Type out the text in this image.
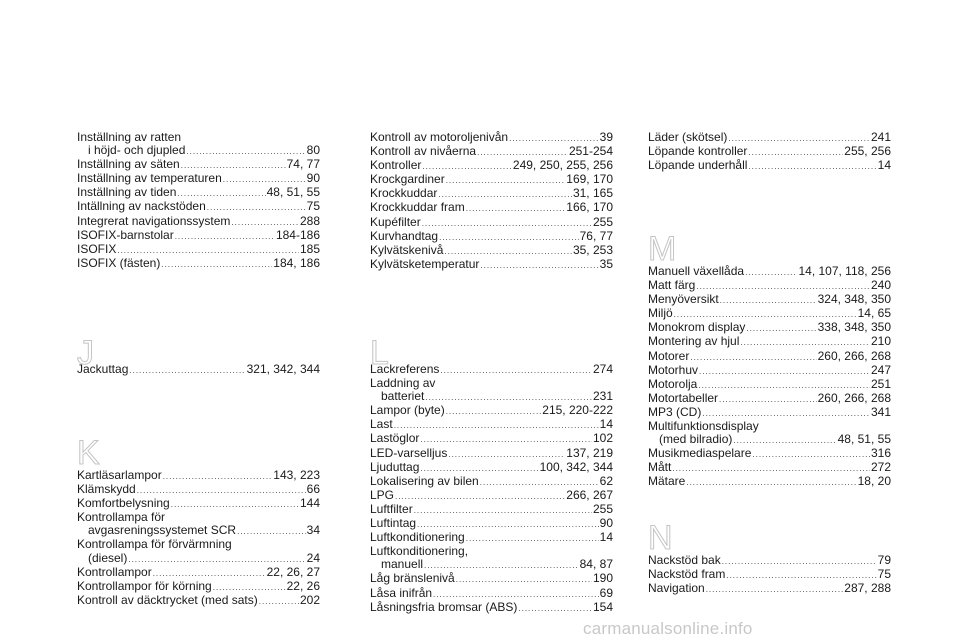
Inställning av ratten
i höjd- och djupled .....	80
Inställning av säten .....	74, 77
Inställning av temperaturen .....	90
Inställning av tiden .....	48, 51, 55
Intällning av nackstöden .....	75
Integrerat navigationssystem .....	288
ISOFIX-barnstolar .....	184-186
ISOFIX .....	185
ISOFIX (fästen) .....	184, 186
J
Jackuttag .....	321, 342, 344
K
Kartläsarlampor .....	143, 223
Klämskydd .....	66
Komfortbelysning .....	144
Kontrollampa för
avgasreningssystemet SCR .....	34
Kontrollampa för förvärmning
(diesel) .....	24
Kontrollampor .....	22, 26, 27
Kontrollampor för körning .....	22, 26
Kontroll av däcktrycket (med sats) .....	202
Kontroll av motoroljenivån .....	39
Kontroll av nivåerna .....	251-254
Kontroller .....	249, 250, 255, 256
Krockgardiner .....	169, 170
Krockkuddar .....	31, 165
Krockkuddar fram .....	166, 170
Kupéfilter .....	255
Kurvhandtag .....	76, 77
Kylvätskenivå .....	35, 253
Kylvätsketemperatur .....	35
L
Lackreferens .....	274
Laddning av
batteriet .....	231
Lampor (byte) .....	215, 220-222
Last .....	14
Lastöglor .....	102
LED-varselljus .....	137, 219
Ljuduttag .....	100, 342, 344
Lokalisering av bilen .....	62
LPG .....	266, 267
Luftfilter .....	255
Luftintag .....	90
Luftkonditionering .....	14
Luftkonditionering,
manuell .....	84, 87
Låg bränslenivå .....	190
Låsa inifrån .....	69
Låsningsfria bromsar (ABS) .....	154
Läder (skötsel) .....	241
Löpande kontroller .....	255, 256
Löpande underhåll .....	14
M
Manuell växellåda .....	14, 107, 118, 256
Matt färg .....	240
Menyöversikt .....	324, 348, 350
Miljö .....	14, 65
Monokrom display .....	338, 348, 350
Montering av hjul .....	210
Motorer .....	260, 266, 268
Motorhuv .....	247
Motorolja .....	251
Motortabeller .....	260, 266, 268
MP3 (CD) .....	341
Multifunktionsdisplay
(med bilradio) .....	48, 51, 55
Musikmediaspelare .....	316
Mått .....	272
Mätare .....	18, 20
N
Nackstöd bak .....	79
Nackstöd fram .....	75
Navigation .....	287, 288
carmanualsonline.info
